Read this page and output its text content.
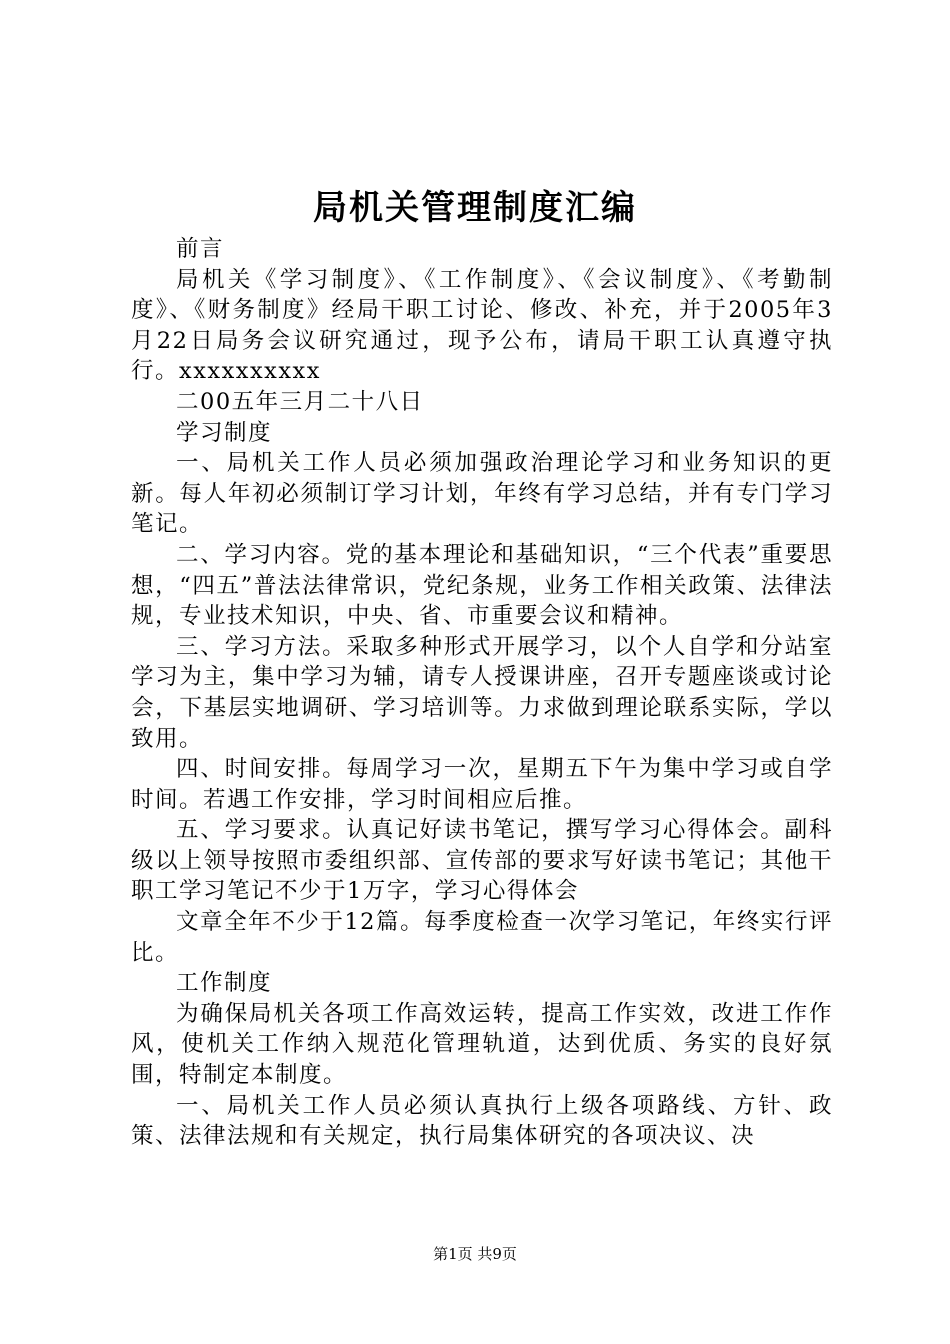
局机关管理制度汇编

前言

局机关《学习制度》、《工作制度》、《会议制度》、《考勤制度》、《财务制度》经局干职工讨论、修改、补充，并于2005年3月22日局务会议研究通过，现予公布，请局干职工认真遵守执行。xxxxxxxxxx

二00五年三月二十八日

学习制度

一、局机关工作人员必须加强政治理论学习和业务知识的更新。每人年初必须制订学习计划，年终有学习总结，并有专门学习笔记。

二、学习内容。党的基本理论和基础知识，“三个代表”重要思想，“四五”普法法律常识，党纪条规，业务工作相关政策、法律法规，专业技术知识，中央、省、市重要会议和精神。

三、学习方法。采取多种形式开展学习，以个人自学和分站室学习为主，集中学习为辅，请专人授课讲座，召开专题座谈或讨论会，下基层实地调研、学习培训等。力求做到理论联系实际，学以致用。

四、时间安排。每周学习一次，星期五下午为集中学习或自学时间。若遇工作安排，学习时间相应后推。

五、学习要求。认真记好读书笔记，撰写学习心得体会。副科级以上领导按照市委组织部、宣传部的要求写好读书笔记；其他干职工学习笔记不少于1万字，学习心得体会

文章全年不少于12篇。每季度检查一次学习笔记，年终实行评比。

工作制度

为确保局机关各项工作高效运转，提高工作实效，改进工作作风，使机关工作纳入规范化管理轨道，达到优质、务实的良好氛围，特制定本制度。

一、局机关工作人员必须认真执行上级各项路线、方针、政策、法律法规和有关规定，执行局集体研究的各项决议、决

第1页 共9页
